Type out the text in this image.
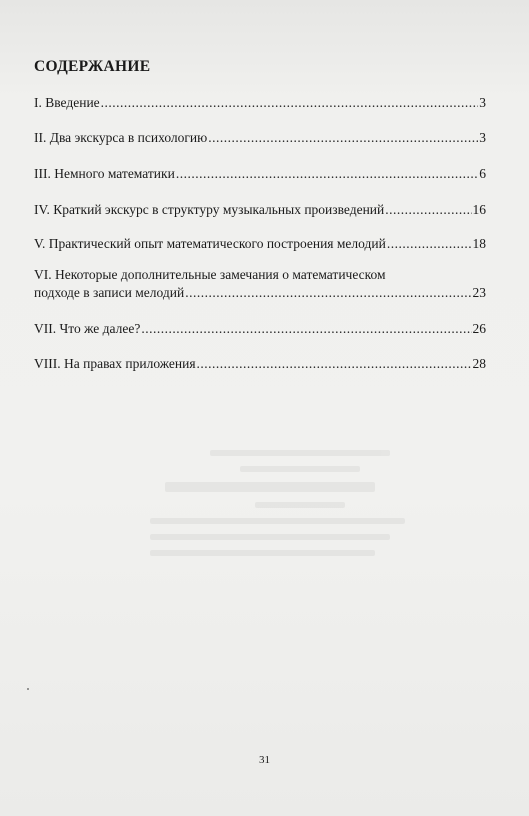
СОДЕРЖАНИЕ
I. Введение .....	3
II. Два экскурса в психологию .....	3
III. Немного математики .....	6
IV. Краткий экскурс в структуру музыкальных произведений .....	16
V. Практический опыт математического построения мелодий .....	18
VI. Некоторые дополнительные замечания о математическом
подходе в записи мелодий .....	23
VII. Что же далее? .....	26
VIII. На правах приложения .....	28
31
